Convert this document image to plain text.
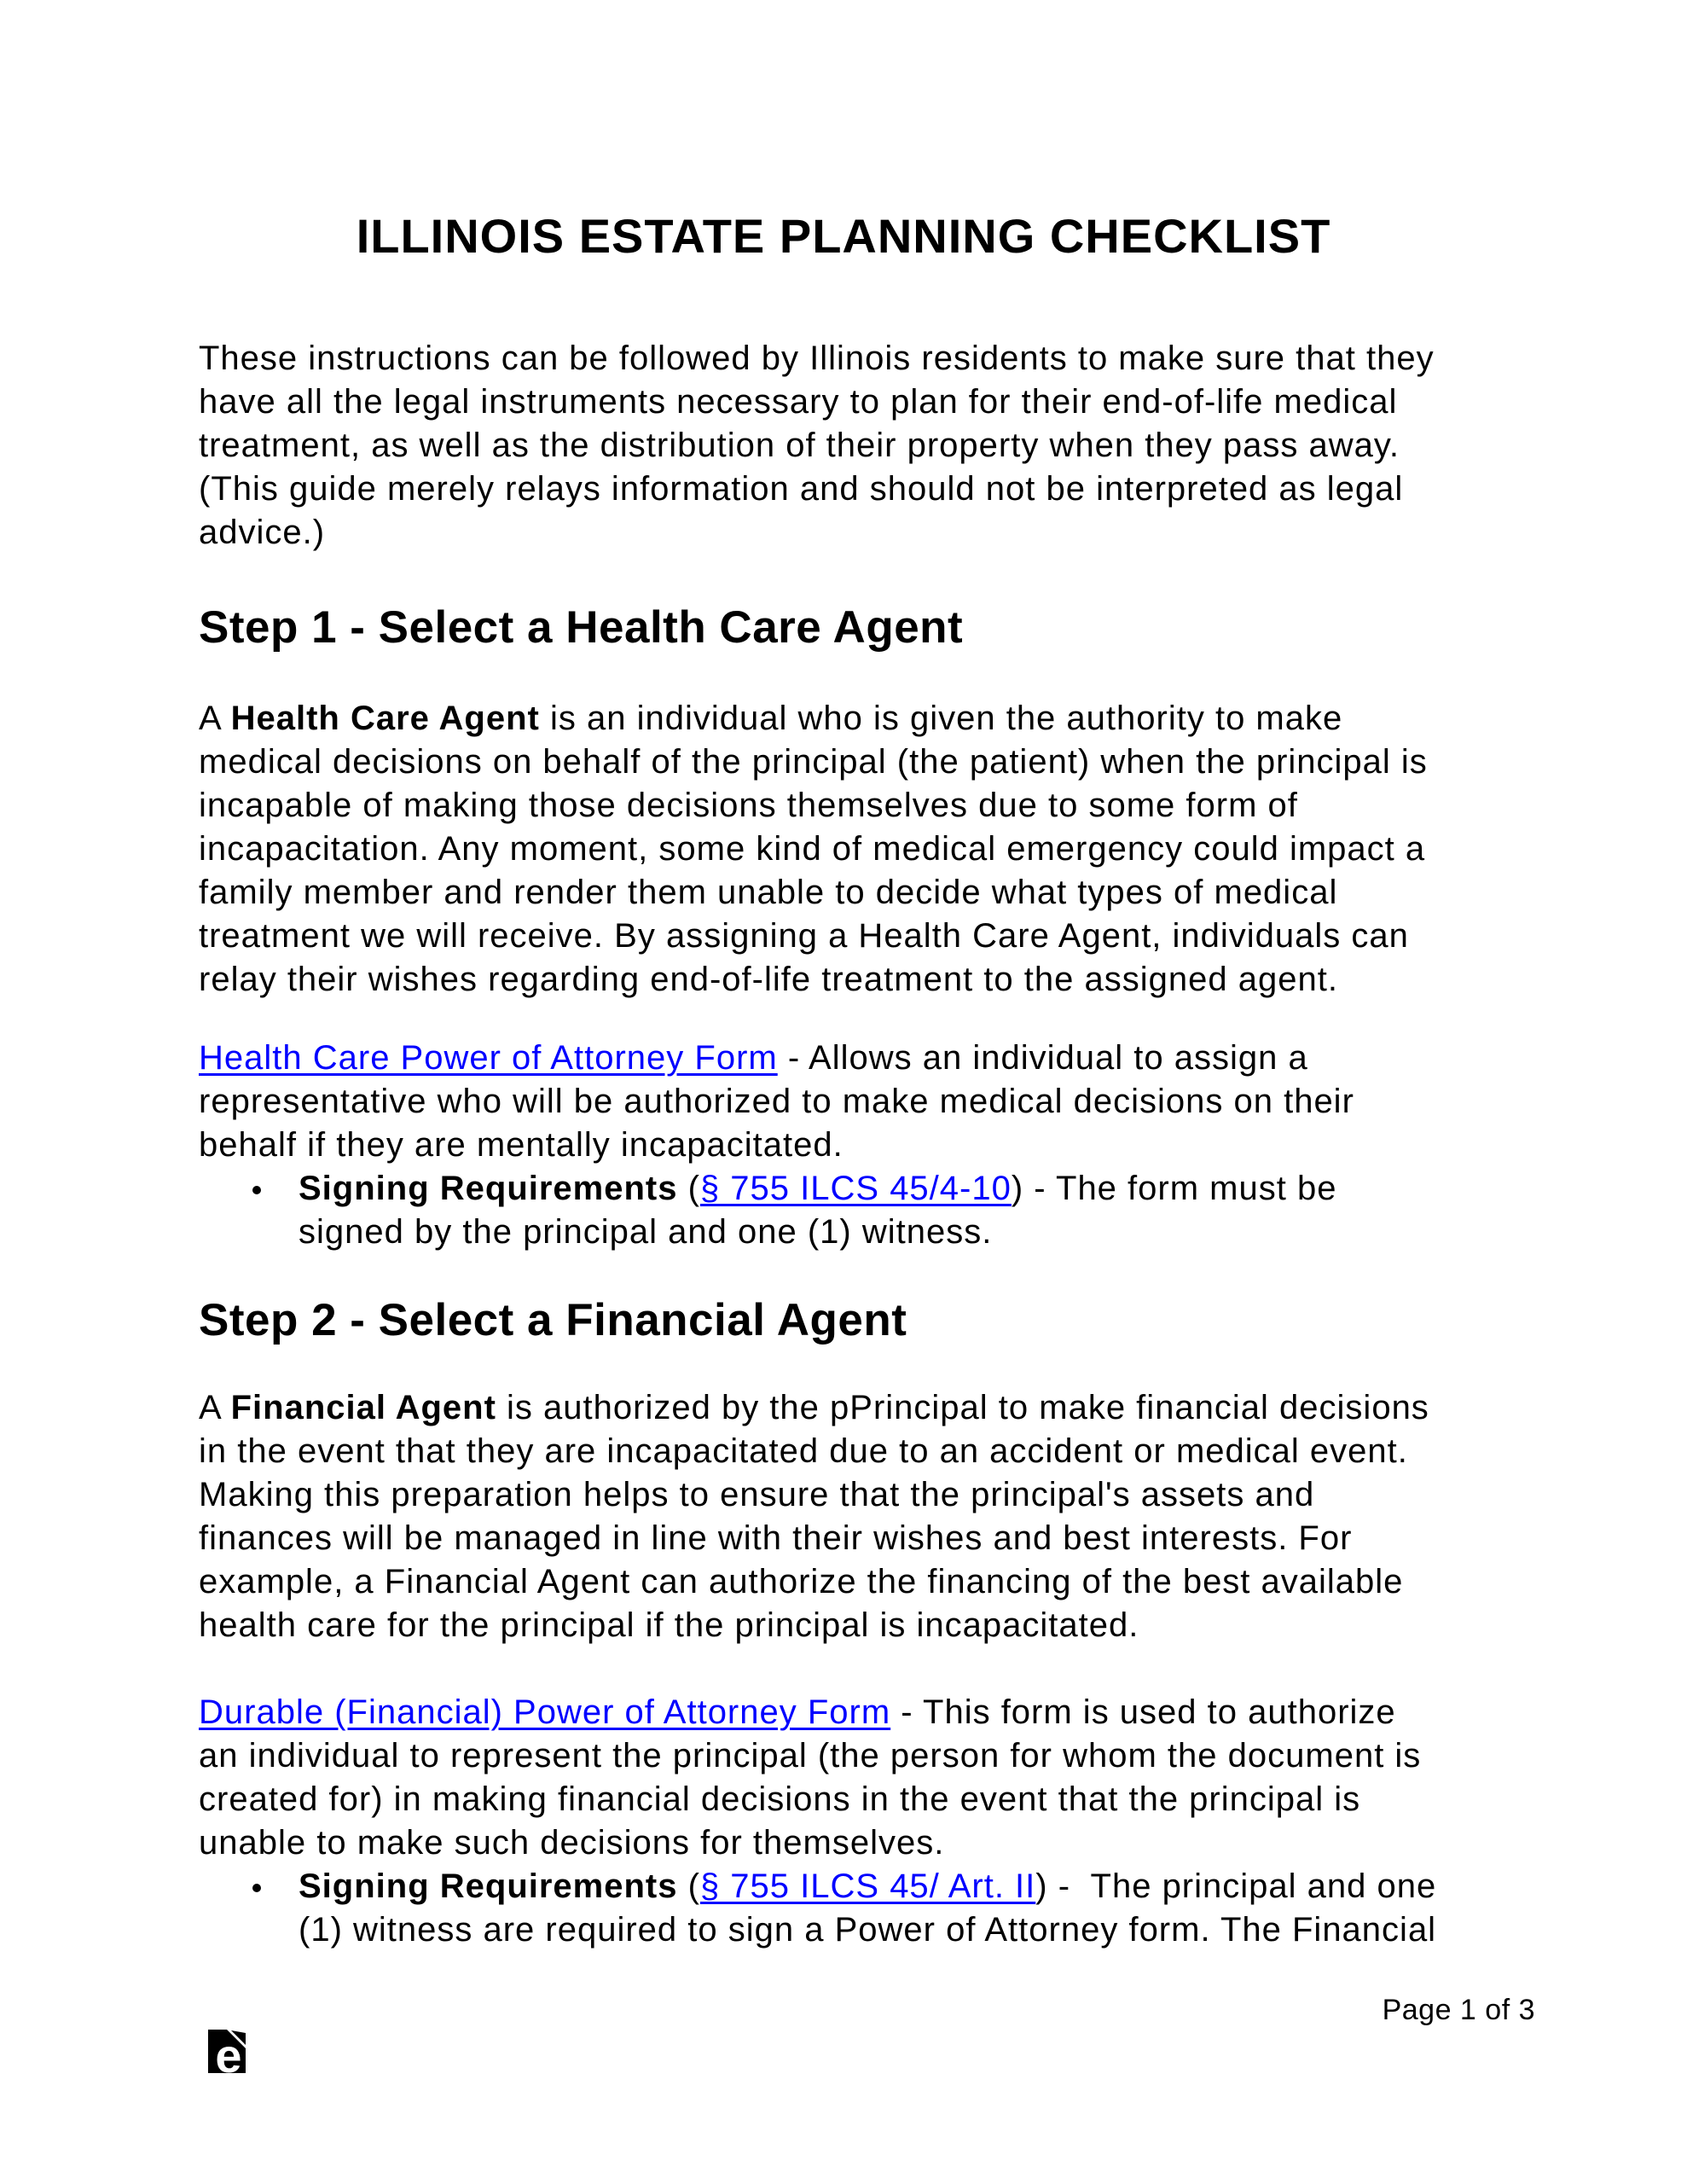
ILLINOIS ESTATE PLANNING CHECKLIST

These instructions can be followed by Illinois residents to make sure that they
have all the legal instruments necessary to plan for their end-of-life medical
treatment, as well as the distribution of their property when they pass away.
(This guide merely relays information and should not be interpreted as legal
advice.)

Step 1 - Select a Health Care Agent

A Health Care Agent is an individual who is given the authority to make
medical decisions on behalf of the principal (the patient) when the principal is
incapable of making those decisions themselves due to some form of
incapacitation. Any moment, some kind of medical emergency could impact a
family member and render them unable to decide what types of medical
treatment we will receive. By assigning a Health Care Agent, individuals can
relay their wishes regarding end-of-life treatment to the assigned agent.

Health Care Power of Attorney Form - Allows an individual to assign a
representative who will be authorized to make medical decisions on their
behalf if they are mentally incapacitated.

Signing Requirements (§ 755 ILCS 45/4-10) - The form must be
signed by the principal and one (1) witness.

Step 2 - Select a Financial Agent

A Financial Agent is authorized by the pPrincipal to make financial decisions
in the event that they are incapacitated due to an accident or medical event.
Making this preparation helps to ensure that the principal's assets and
finances will be managed in line with their wishes and best interests. For
example, a Financial Agent can authorize the financing of the best available
health care for the principal if the principal is incapacitated.

Durable (Financial) Power of Attorney Form - This form is used to authorize
an individual to represent the principal (the person for whom the document is
created for) in making financial decisions in the event that the principal is
unable to make such decisions for themselves.

Signing Requirements (§ 755 ILCS 45/ Art. II) -  The principal and one
(1) witness are required to sign a Power of Attorney form. The Financial

Page 1 of 3

e
